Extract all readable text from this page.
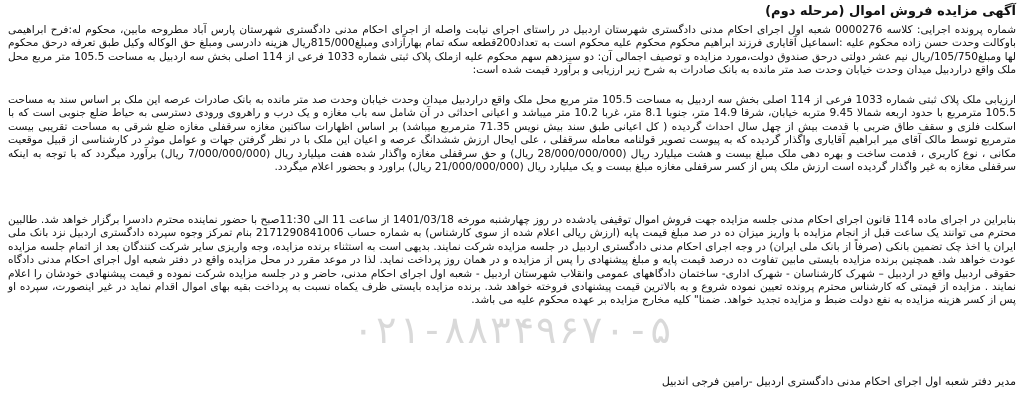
آگهی مزایده فروش اموال (مرحله دوم)

شماره پرونده اجرایی: کلاسه 0000276 شعبه اول اجرای احکام مدنی دادگستری شهرستان اردبیل در راستای اجرای نیابت واصله از اجرای احکام مدنی دادگستری شهرستان پارس آباد مطروحه مابین، محکوم له:فرح ابراهیمی باوکالت وحدت حسن زاده محکوم علیه :اسماعیل آقایاری فرزند ابراهیم محکوم محکوم علیه محکوم است به تعداد200قطعه سکه تمام بهارآزادی ومبلغ815/000ریال هزینه دادرسی ومبلغ حق الوکاله وکیل طبق تعرفه درحق محکوم لها ومبلغ105/750/ریال نیم عشر دولتی درحق صندوق دولت،مورد مزایده و توصیف اجمالی آن: دو سیزدهم سهم محکوم علیه ازملک پلاک ثبتی شماره 1033 فرعی از 114 اصلی بخش سه اردبیل به مساحت 105.5 متر مربع محل ملک واقع دراردبیل میدان وحدت خیابان وحدت صد متر مانده به بانک صادرات به شرح زیر ارزیابی و برآورد قیمت شده است:

ارزیابی ملک پلاک ثبتی شماره 1033 فرعی از 114 اصلی بخش سه اردبیل به مساحت 105.5 متر مربع محل ملک واقع دراردبیل میدان وحدت خیابان وحدت صد متر مانده به بانک صادرات عرصه این ملک بر اساس سند به مساحت 105.5 مترمربع با حدود اربعه شمالا 9.45 متربه خیابان، شرقا 14.9 متر، جنوبا 8.1 متر، غربا 10.2 متر میباشد و اعیانی احداثی در آن شامل سه باب مغازه و یک درب و راهروی ورودی دسترسی به حیاط ضلع جنوبی است که با اسکلت فلزی و سقف طاق ضربی با قدمت بیش از چهل سال احداث گردیده ( کل اعیانی طبق سند بیش نویس 71.35 مترمربع میباشد) بر اساس اظهارات ساکنین مغازه سرقفلی مغازه ضلع شرقی به مساحت تقریبی بیست مترمربع توسط مالک آقای میر ابراهیم آقایاری واگذار گردیده که به پیوست تصویر قولنامه معامله سرقفلی ، علی ایحال ارزش ششدانگ عرصه و اعیان این ملک با در نظر گرفتن جهات و عوامل موثر در کارشناسی از قبیل موقعیت مکانی ، نوع کاربری ، قدمت ساخت و بهره دهی ملک مبلغ بیست و هشت میلیارد ریال (28/000/000/000 ریال) و حق سرقفلی مغازه واگذار شده هفت میلیارد ریال (7/000/000/000 ریال) برآورد میگردد که با توجه به اینکه سرقفلی مغازه به غیر واگذار گردیده است ارزش ملک پس از کسر سرقفلی مغازه مبلغ بیست و یک میلیارد ریال (21/000/000/000 ریال) براورد و بحضور اعلام میگردد.

بنابراین در اجرای ماده 114 قانون اجرای احکام مدنی جلسه مزایده جهت فروش اموال توقیفی یادشده در روز چهارشنبه مورخه 1401/03/18 از ساعت 11 الی 11:30صبح با حضور نماینده محترم دادسرا برگزار خواهد شد. طالبین محترم می توانند یک ساعت قبل از انجام مزایده با واریز میزان ده در صد مبلغ قیمت پایه (ارزش ریالی اعلام شده از سوی کارشناس) به شماره حساب 2171290841006 بنام تمرکز وجوه سپرده دادگستری اردبیل نزد بانک ملی ایران یا اخذ چک تضمین بانکی (صرفاً از بانک ملی ایران) در وجه اجرای احکام مدنی دادگستری اردبیل در جلسه مزایده شرکت نمایند. بدیهی است به استثناء برنده مزایده، وجه واریزی سایر شرکت کنندگان بعد از اتمام جلسه مزایده عودت خواهد شد. همچنین برنده مزایده بایستی مابین تفاوت ده درصد قیمت پایه و مبلغ پیشنهادی را پس از مزایده و در همان روز پرداخت نماید. لذا در موعد مقرر در محل مزایده واقع در دفتر شعبه اول اجرای احکام مدنی دادگاه حقوقی اردبیل واقع در اردبیل – شهرک کارشناسان - شهرک اداری- ساختمان دادگاههای عمومی وانقلاب شهرستان اردبیل - شعبه اول اجرای احکام مدنی، حاضر و در جلسه مزایده شرکت نموده و قیمت پیشنهادی خودشان را اعلام نمایند . مزایده از قیمتی که کارشناس محترم پرونده تعیین نموده شروع و به بالاترین قیمت پیشنهادی فروخته خواهد شد. برنده مزایده بایستی ظرف یکماه نسبت به پرداخت بقیه بهای اموال اقدام نماید در غیر اینصورت، سپرده او پس از کسر هزینه مزایده به نفع دولت ضبط و مزایده تجدید خواهد. ضمنا" کلیه مخارج مزایده بر عهده محکوم علیه می باشد.

۰۲۱-۸۸۳۴۹۶۷۰-۵
مدیر دفتر شعبه اول اجرای احکام مدنی دادگستری اردبیل -رامین فرجی اندبیل
